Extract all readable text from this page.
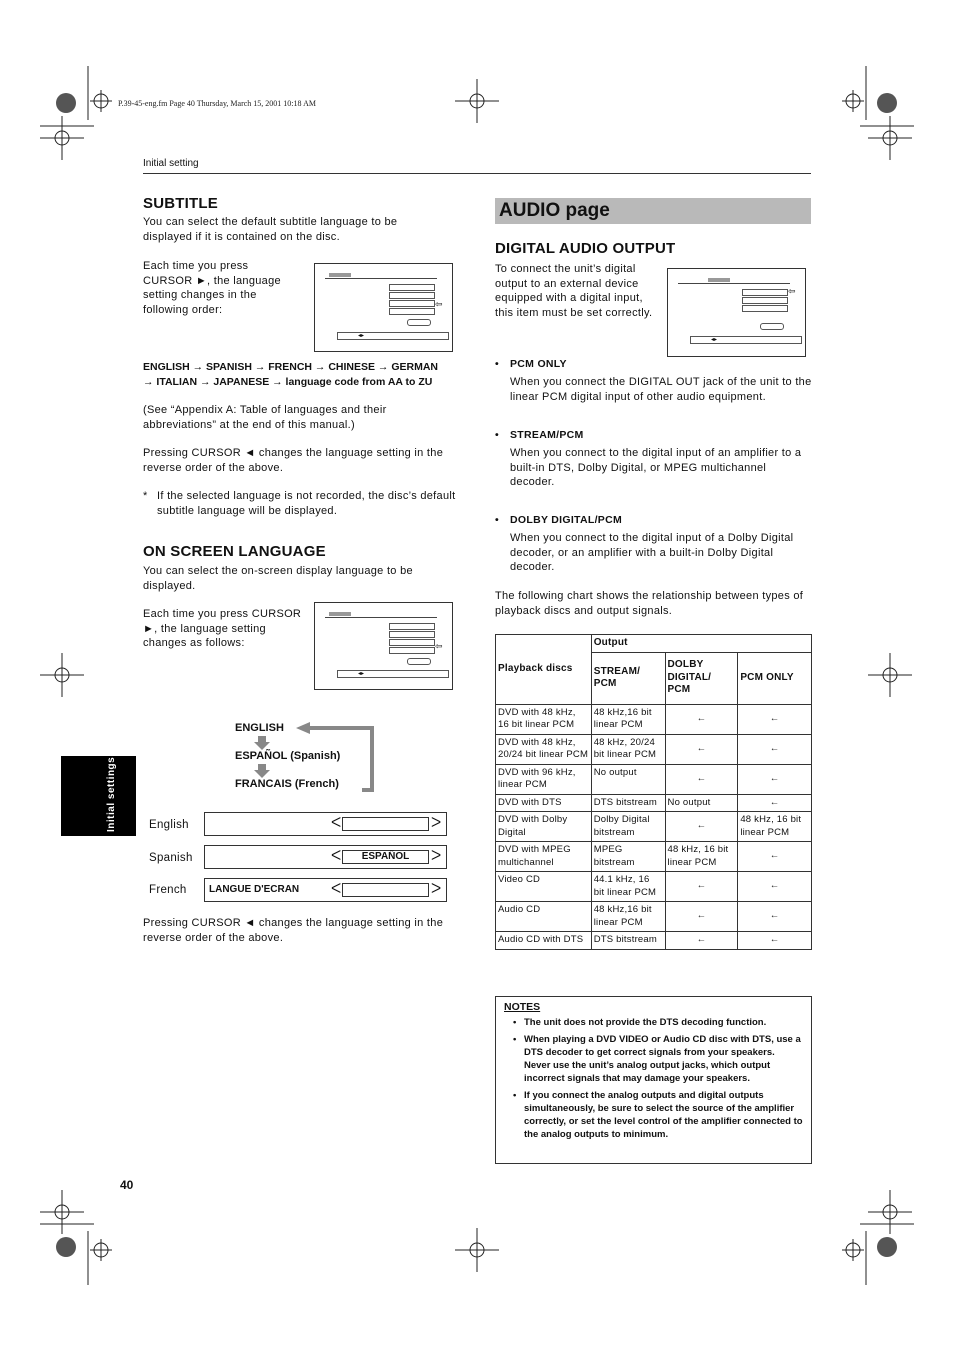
P.39-45-eng.fm Page 40 Thursday, March 15, 2001 10:18 AM
Initial setting
Initial settings
SUBTITLE
You can select the default subtitle language to be displayed if it is contained on the disc.
Each time you press CURSOR ►, the language setting changes in the following order:	⇦
◂▸
ENGLISH → SPANISH → FRENCH → CHINESE → GERMAN → ITALIAN → JAPANESE → language code from AA to ZU
(See “Appendix A: Table of languages and their abbreviations” at the end of this manual.)
Pressing CURSOR ◄ changes the language setting in the reverse order of the above.
* If the selected language is not recorded, the disc’s default subtitle language will be displayed.
ON SCREEN LANGUAGE
You can select the on-screen display language to be displayed.
Each time you press CURSOR ►, the language setting changes as follows:	⇦
◂▸
ENGLISH
ESPAÑOL (Spanish)
FRANCAIS (French)
English	ᐸ	ᐳ
Spanish	ᐸ	ESPAÑOL	ᐳ
French LANGUE D'ECRAN ᐸ	ᐳ
Pressing CURSOR ◄ changes the language setting in the reverse order of the above.
AUDIO page
DIGITAL AUDIO OUTPUT
To connect the unit’s digital output to an external device equipped with a digital input, this item must be set correctly.
⇦
◂▸
• PCM ONLY
When you connect the DIGITAL OUT jack of the unit to the linear PCM digital input of other audio equipment.
• STREAM/PCM
When you connect to the digital input of an amplifier to a built-in DTS, Dolby Digital, or MPEG multichannel decoder.
• DOLBY DIGITAL/PCM
When you connect to the digital input of a Dolby Digital decoder, or an amplifier with a built-in Dolby Digital decoder.
The following chart shows the relationship between types of playback discs and output signals.
Playback discs	Output		
	STREAM/ PCM	DOLBY DIGITAL/ PCM	PCM ONLY
DVD with 48 kHz, 16 bit linear PCM	48 kHz,16 bit linear PCM	←	←
DVD with 48 kHz, 20/24 bit linear PCM	48 kHz, 20/24 bit linear PCM	←	←
DVD with 96 kHz, linear PCM	No output	←	←
DVD with DTS	DTS bitstream	No output	←
DVD with Dolby Digital	Dolby Digital bitstream	←	48 kHz, 16 bit linear PCM
DVD with MPEG multichannel	MPEG bitstream	48 kHz, 16 bit linear PCM	←
Video CD	44.1 kHz, 16 bit linear PCM	←	←
Audio CD	48 kHz,16 bit linear PCM	←	←
Audio CD with DTS	DTS bitstream	←	←
NOTES
• The unit does not provide the DTS decoding function.
• When playing a DVD VIDEO or Audio CD disc with DTS, use a DTS decoder to get correct signals from your speakers. Never use the unit’s analog output jacks, which output incorrect signals that may damage your speakers.
• If you connect the analog outputs and digital outputs simultaneously, be sure to select the source of the amplifier correctly, or set the level control of the amplifier connected to the analog outputs to minimum.
40
